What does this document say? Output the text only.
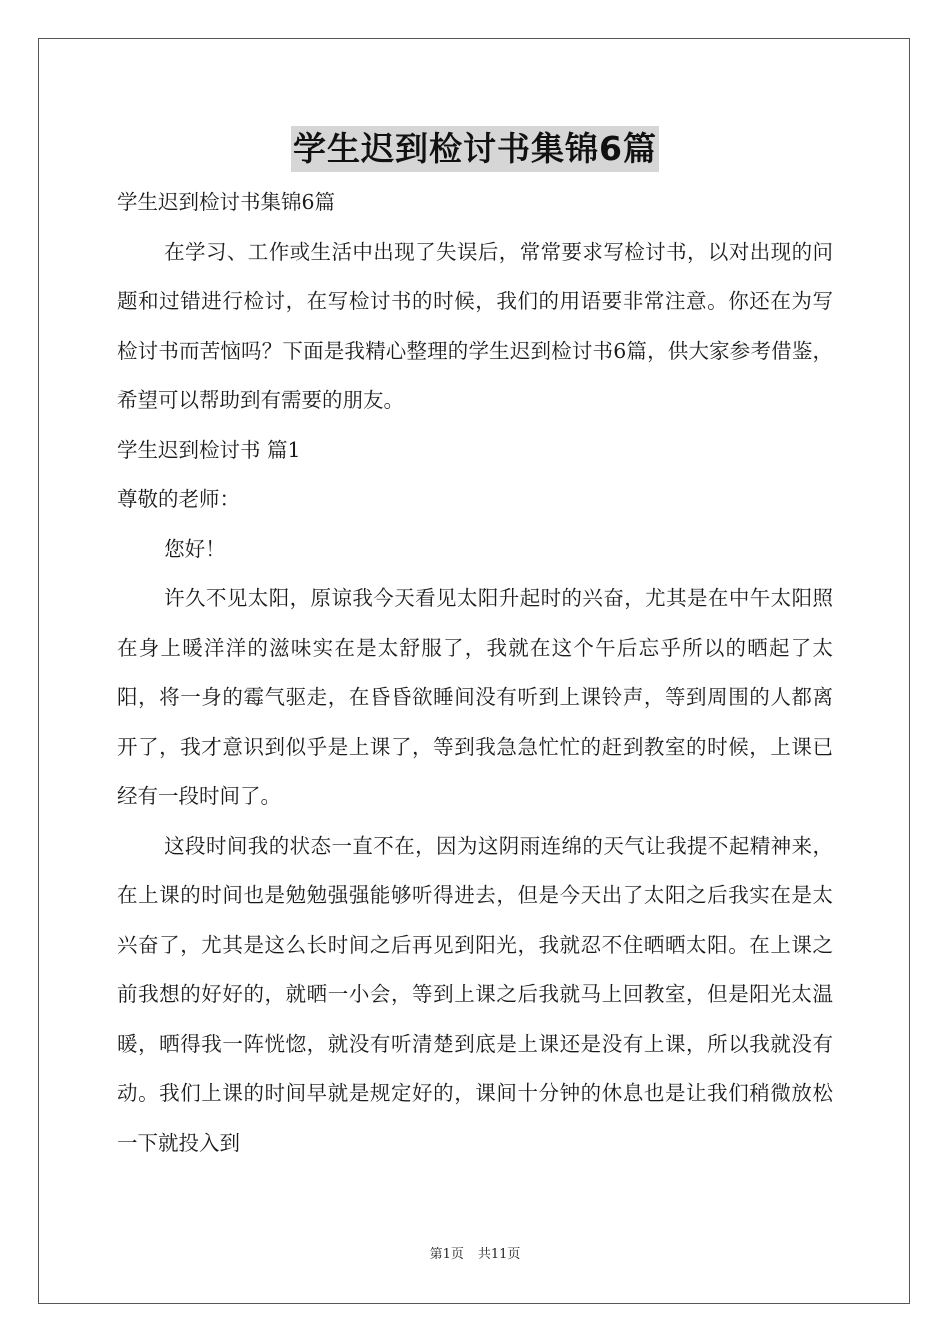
学生迟到检讨书集锦6篇

学生迟到检讨书集锦6篇

在学习、工作或生活中出现了失误后，常常要求写检讨书，以对出现的问题和过错进行检讨，在写检讨书的时候，我们的用语要非常注意。你还在为写检讨书而苦恼吗？下面是我精心整理的学生迟到检讨书6篇，供大家参考借鉴，希望可以帮助到有需要的朋友。

学生迟到检讨书 篇1

尊敬的老师：

您好！

许久不见太阳，原谅我今天看见太阳升起时的兴奋，尤其是在中午太阳照在身上暖洋洋的滋味实在是太舒服了，我就在这个午后忘乎所以的晒起了太阳，将一身的霉气驱走，在昏昏欲睡间没有听到上课铃声，等到周围的人都离开了，我才意识到似乎是上课了，等到我急急忙忙的赶到教室的时候，上课已经有一段时间了。

这段时间我的状态一直不在，因为这阴雨连绵的天气让我提不起精神来，在上课的时间也是勉勉强强能够听得进去，但是今天出了太阳之后我实在是太兴奋了，尤其是这么长时间之后再见到阳光，我就忍不住晒晒太阳。在上课之前我想的好好的，就晒一小会，等到上课之后我就马上回教室，但是阳光太温暖，晒得我一阵恍惚，就没有听清楚到底是上课还是没有上课，所以我就没有动。我们上课的时间早就是规定好的，课间十分钟的休息也是让我们稍微放松一下就投入到

第1页 共11页
